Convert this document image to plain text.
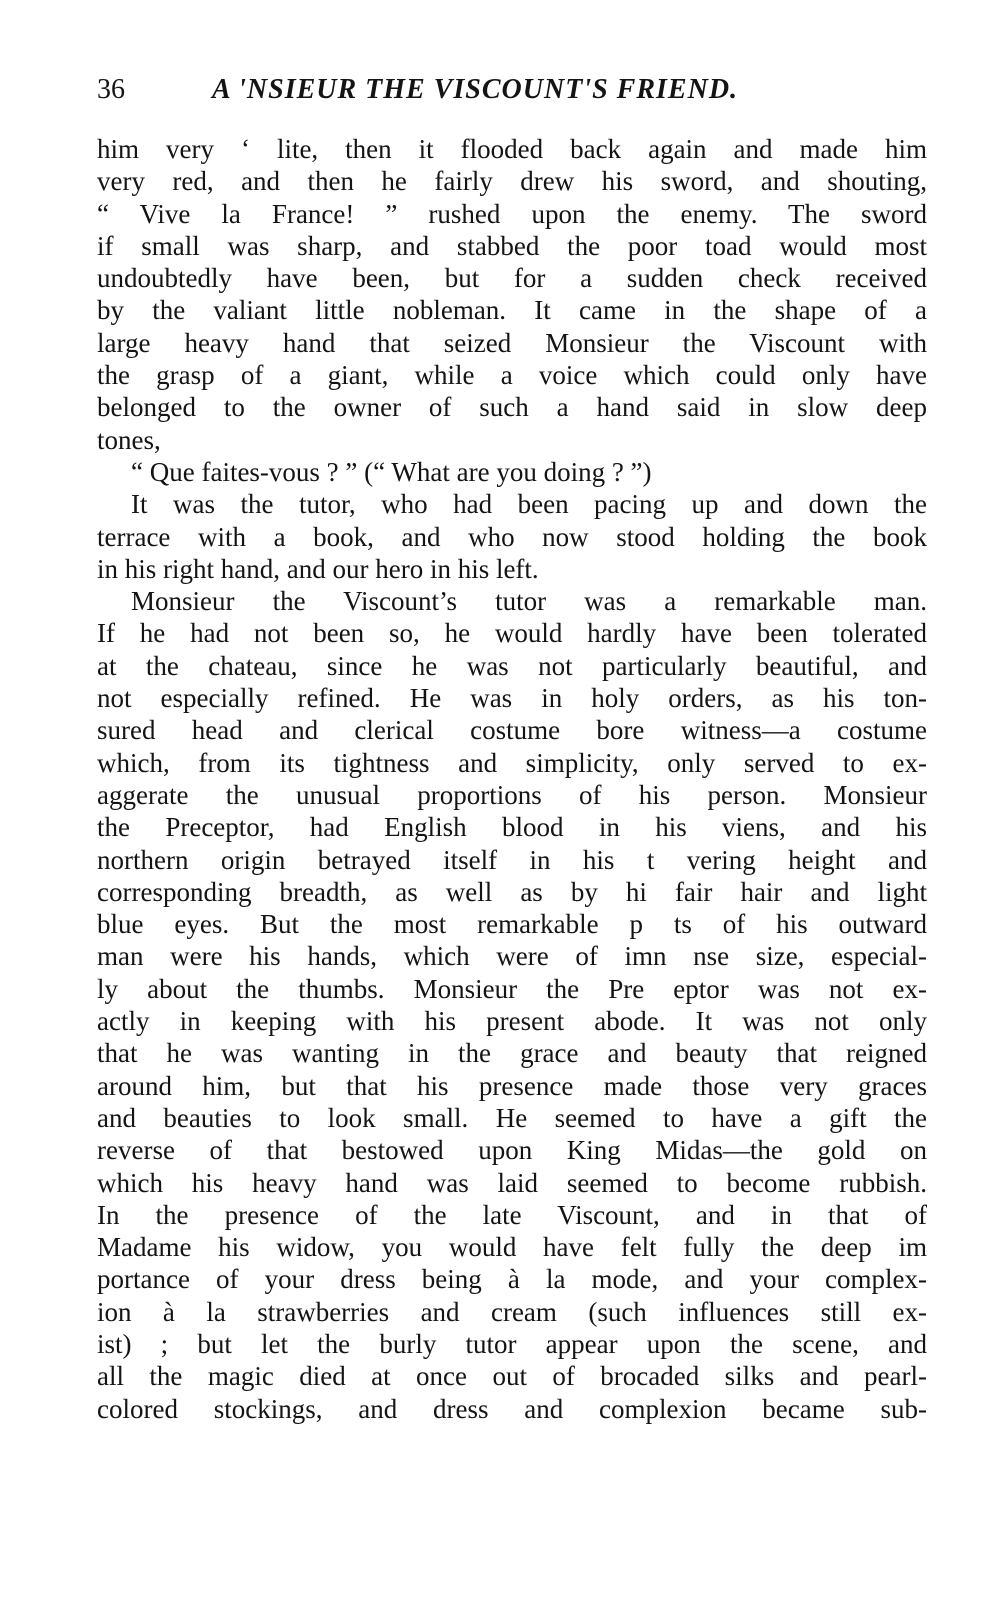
36	A 'NSIEUR THE VISCOUNT'S FRIEND.
him very ‘ lite, then it flooded back again and made him
very red, and then he fairly drew his sword, and shouting,
“ Vive la France! ” rushed upon the enemy. The sword
if small was sharp, and stabbed the poor toad would most
undoubtedly have been, but for a sudden check received
by the valiant little nobleman. It came in the shape of a
large heavy hand that seized Monsieur the Viscount with
the grasp of a giant, while a voice which could only have
belonged to the owner of such a hand said in slow deep
tones,
“ Que faites-vous ? ” (“ What are you doing ? ”)
It was the tutor, who had been pacing up and down the
terrace with a book, and who now stood holding the book
in his right hand, and our hero in his left.
Monsieur the Viscount’s tutor was a remarkable man.
If he had not been so, he would hardly have been tolerated
at the chateau, since he was not particularly beautiful, and
not especially refined. He was in holy orders, as his ton-
sured head and clerical costume bore witness—a costume
which, from its tightness and simplicity, only served to ex-
aggerate the unusual proportions of his person. Monsieur
the Preceptor, had English blood in his viens, and his
northern origin betrayed itself in his t vering height and
corresponding breadth, as well as by hi fair hair and light
blue eyes. But the most remarkable p ts of his outward
man were his hands, which were of imn nse size, especial-
ly about the thumbs. Monsieur the Pre eptor was not ex-
actly in keeping with his present abode. It was not only
that he was wanting in the grace and beauty that reigned
around him, but that his presence made those very graces
and beauties to look small. He seemed to have a gift the
reverse of that bestowed upon King Midas—the gold on
which his heavy hand was laid seemed to become rubbish.
In the presence of the late Viscount, and in that of
Madame his widow, you would have felt fully the deep im
portance of your dress being à la mode, and your complex-
ion à la strawberries and cream (such influences still ex-
ist) ; but let the burly tutor appear upon the scene, and
all the magic died at once out of brocaded silks and pearl-
colored stockings, and dress and complexion became sub-
